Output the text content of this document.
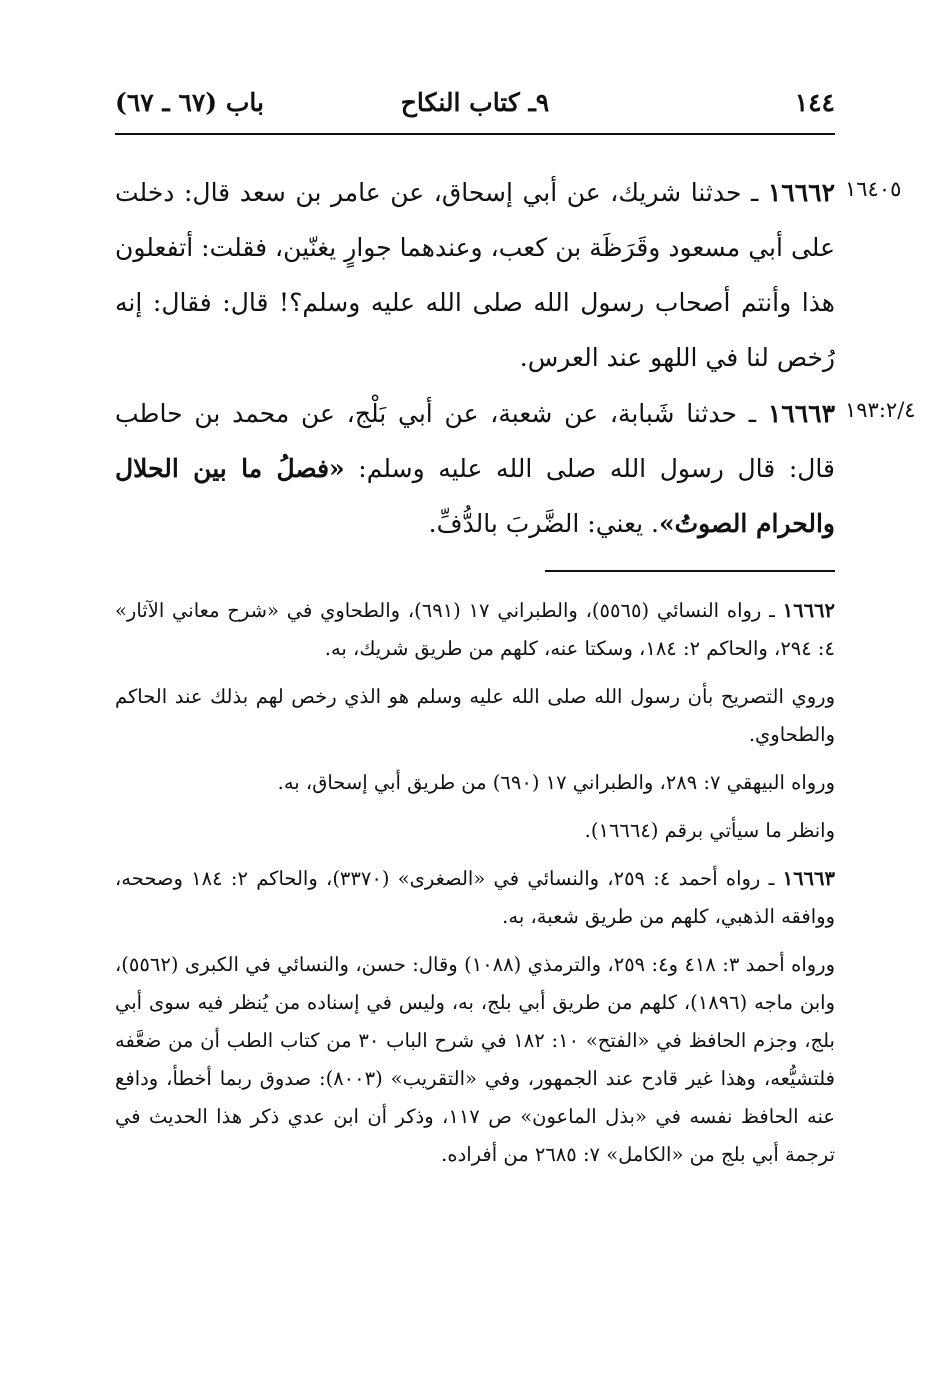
١٤٤
٩ـ كتاب النكاح
باب (٦٧ ـ ٦٧)
١٦٤٠٥
١٦٦٦٢ ـ حدثنا شريك، عن أبي إسحاق، عن عامر بن سعد قال: دخلت على أبي مسعود وقَرَظَة بن كعب، وعندهما جوارٍ يغنّين، فقلت: أتفعلون هذا وأنتم أصحاب رسول الله صلى الله عليه وسلم؟! قال: فقال: إنه رُخص لنا في اللهو عند العرس.
١٩٣:٢/٤
١٦٦٦٣ ـ حدثنا شَبابة، عن شعبة، عن أبي بَلْج، عن محمد بن حاطب قال: قال رسول الله صلى الله عليه وسلم: «فصلُ ما بين الحلال والحرام الصوتُ». يعني: الضَّربَ بالدُّفِّ.

١٦٦٦٢ ـ رواه النسائي (٥٥٦٥)، والطبراني ١٧ (٦٩١)، والطحاوي في «شرح معاني الآثار» ٤: ٢٩٤، والحاكم ٢: ١٨٤، وسكتا عنه، كلهم من طريق شريك، به.

وروي التصريح بأن رسول الله صلى الله عليه وسلم هو الذي رخص لهم بذلك عند الحاكم والطحاوي.

ورواه البيهقي ٧: ٢٨٩، والطبراني ١٧ (٦٩٠) من طريق أبي إسحاق، به.

وانظر ما سيأتي برقم (١٦٦٦٤).

١٦٦٦٣ ـ رواه أحمد ٤: ٢٥٩، والنسائي في «الصغرى» (٣٣٧٠)، والحاكم ٢: ١٨٤ وصححه، ووافقه الذهبي، كلهم من طريق شعبة، به.

ورواه أحمد ٣: ٤١٨ و٤: ٢٥٩، والترمذي (١٠٨٨) وقال: حسن، والنسائي في الكبرى (٥٥٦٢)، وابن ماجه (١٨٩٦)، كلهم من طريق أبي بلج، به، وليس في إسناده من يُنظر فيه سوى أبي بلج، وجزم الحافظ في «الفتح» ١٠: ١٨٢ في شرح الباب ٣٠ من كتاب الطب أن من ضعَّفه فلتشيُّعه، وهذا غير قادح عند الجمهور، وفي «التقريب» (٨٠٠٣): صدوق ربما أخطأ، ودافع عنه الحافظ نفسه في «بذل الماعون» ص ١١٧، وذكر أن ابن عدي ذكر هذا الحديث في ترجمة أبي بلج من «الكامل» ٧: ٢٦٨٥ من أفراده.
